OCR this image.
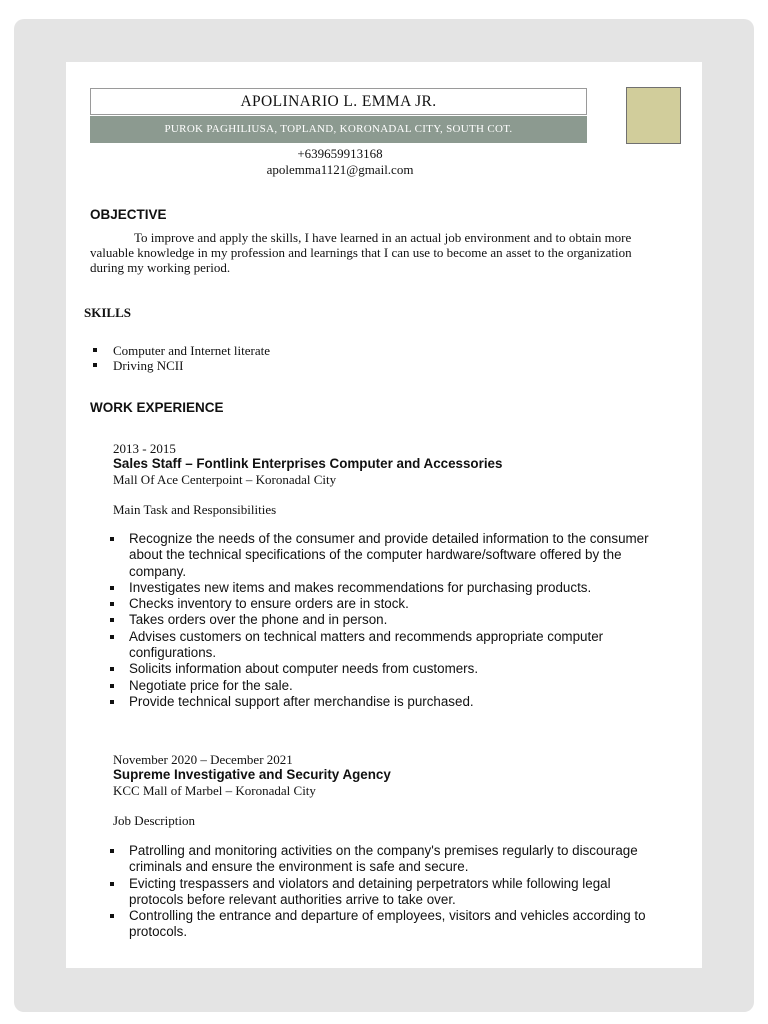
APOLINARIO L. EMMA JR.
PUROK PAGHILIUSA, TOPLAND, KORONADAL CITY, SOUTH COT.
+639659913168
apolemma1121@gmail.com
OBJECTIVE

To improve and apply the skills, I have learned in an actual job environment and to obtain more valuable knowledge in my profession and learnings that I can use to become an asset to the organization during my working period.

SKILLS
Computer and Internet literate
Driving NCII
WORK EXPERIENCE
2013 - 2015
Sales Staff – Fontlink Enterprises Computer and Accessories
Mall Of Ace Centerpoint – Koronadal City
Main Task and Responsibilities
Recognize the needs of the consumer and provide detailed information to the consumer about the technical specifications of the computer hardware/software offered by the company.
Investigates new items and makes recommendations for purchasing products.
Checks inventory to ensure orders are in stock.
Takes orders over the phone and in person.
Advises customers on technical matters and recommends appropriate computer configurations.
Solicits information about computer needs from customers.
Negotiate price for the sale.
Provide technical support after merchandise is purchased.
November 2020 – December 2021
Supreme Investigative and Security Agency
KCC Mall of Marbel – Koronadal City
Job Description
Patrolling and monitoring activities on the company's premises regularly to discourage criminals and ensure the environment is safe and secure.
Evicting trespassers and violators and detaining perpetrators while following legal protocols before relevant authorities arrive to take over.
Controlling the entrance and departure of employees, visitors and vehicles according to protocols.
